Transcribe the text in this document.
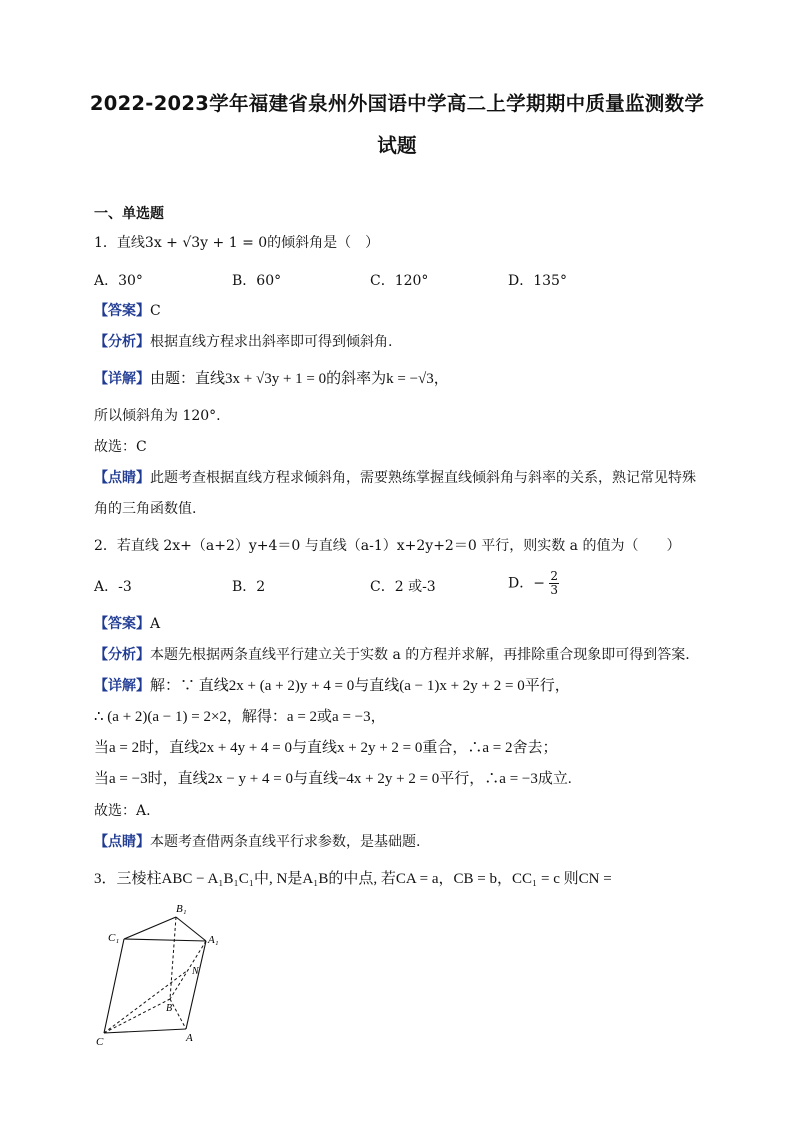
2022-2023学年福建省泉州外国语中学高二上学期期中质量监测数学
试题
一、单选题
1．直线3x + √3y + 1 = 0的倾斜角是（　）
A．30°	B．60°	C．120°	D．135°
【答案】C
【分析】根据直线方程求出斜率即可得到倾斜角.
【详解】由题：直线3x + √3y + 1 = 0的斜率为k = −√3，
所以倾斜角为 120°.
故选：C
【点睛】此题考查根据直线方程求倾斜角，需要熟练掌握直线倾斜角与斜率的关系，熟记常见特殊
角的三角函数值.
2．若直线 2x+（a+2）y+4＝0 与直线（a-1）x+2y+2＝0 平行，则实数 a 的值为（　　）
A．-3	B．2	C．2 或-3	D．− $\frac{2}{3}$
【答案】A
【分析】本题先根据两条直线平行建立关于实数 a 的方程并求解，再排除重合现象即可得到答案.
【详解】解：∵ 直线2x + (a + 2)y + 4 = 0与直线(a − 1)x + 2y + 2 = 0平行，
∴ (a + 2)(a − 1) = 2×2，解得：a = 2或a = −3，
当a = 2时，直线2x + 4y + 4 = 0与直线x + 2y + 2 = 0重合，∴a = 2舍去；
当a = −3时，直线2x − y + 4 = 0与直线−4x + 2y + 2 = 0平行，∴a = −3成立.
故选：A.
【点睛】本题考查借两条直线平行求参数，是基础题.
3．三棱柱ABC − A₁B₁C₁中, N是A₁B的中点, 若CA = a，CB = b，CC₁ = c 则CN =
B₁
C₁	A₁
N
B
C	A
